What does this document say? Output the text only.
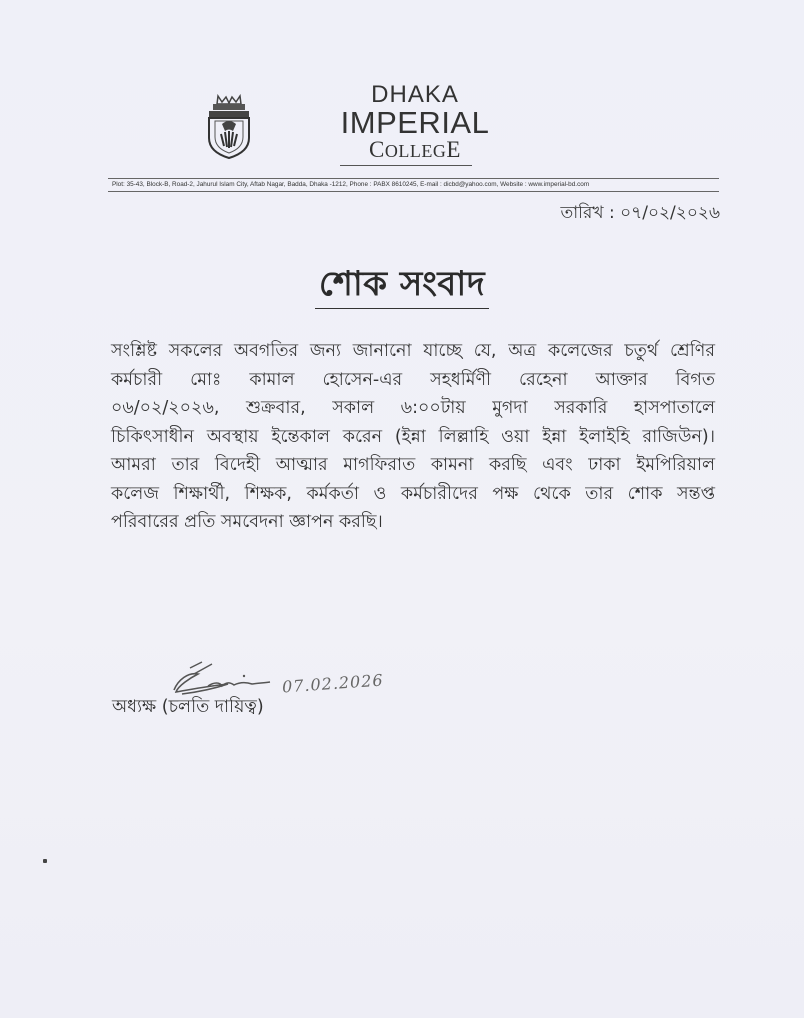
DHAKA
IMPERIAL
COLLEGE
Plot: 35-43, Block-B, Road-2, Jahurul Islam City, Aftab Nagar, Badda, Dhaka -1212, Phone : PABX 8610245, E-mail : dicbd@yahoo.com, Website : www.imperial-bd.com
তারিখ : ০৭/০২/২০২৬
শোক সংবাদ
সংশ্লিষ্ট সকলের অবগতির জন্য জানানো যাচ্ছে যে, অত্র কলেজের চতুর্থ শ্রেণির
কর্মচারী মোঃ কামাল হোসেন-এর সহধর্মিণী রেহেনা আক্তার বিগত
০৬/০২/২০২৬, শুক্রবার, সকাল ৬:০০টায় মুগদা সরকারি হাসপাতালে
চিকিৎসাধীন অবস্থায় ইন্তেকাল করেন (ইন্না লিল্লাহি ওয়া ইন্না ইলাইহি রাজিউন)।
আমরা তার বিদেহী আত্মার মাগফিরাত কামনা করছি এবং ঢাকা ইমপিরিয়াল
কলেজ শিক্ষার্থী, শিক্ষক, কর্মকর্তা ও কর্মচারীদের পক্ষ থেকে তার শোক সন্তপ্ত
পরিবারের প্রতি সমবেদনা জ্ঞাপন করছি।
07.02.2026
অধ্যক্ষ (চলতি দায়িত্ব)
